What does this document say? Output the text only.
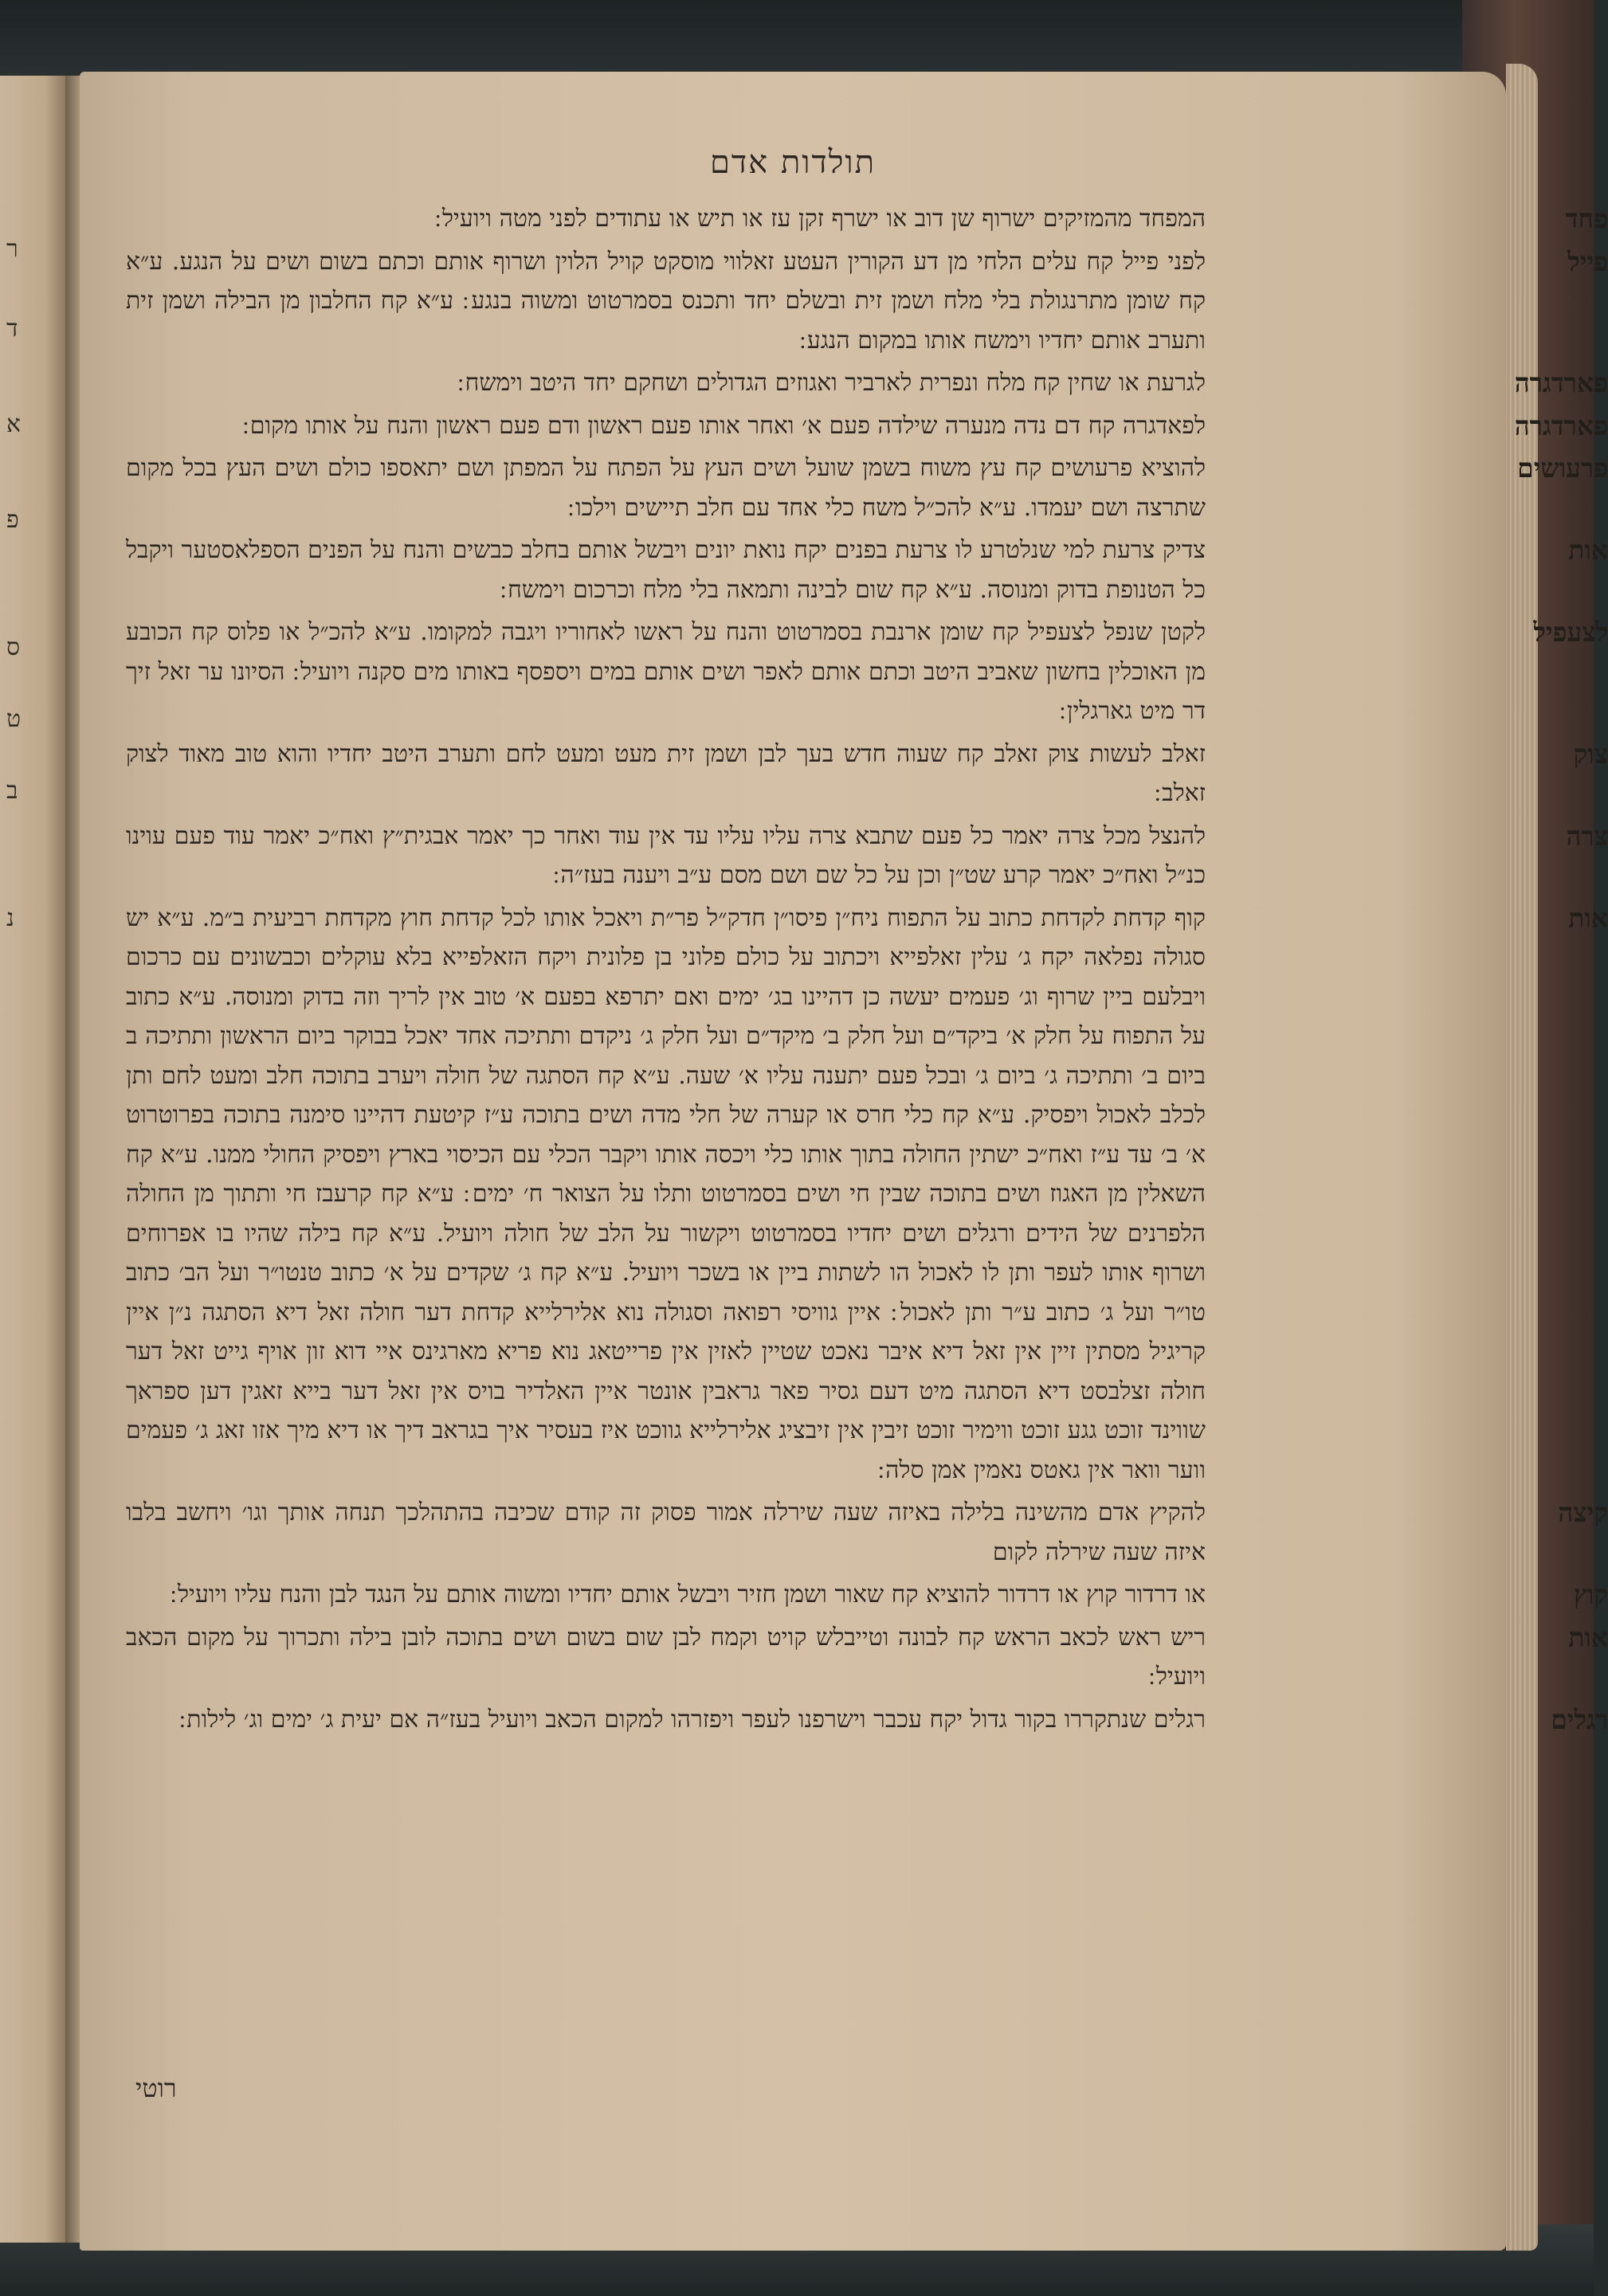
ר
ד
א
פ
ס
ט
ב
נ
תולדות אדם
פחד
המפחד מהמזיקים ישרוף שן דוב או ישרף זקן עז או תיש או עתודים לפני מטה ויועיל ׃
פייל
לפני פייל קח עלים הלחי מן דע הקורין העטע זאלווי מוסקט קויל הלוין ושרוף אותם וכתם בשום ושים על הנגע. ע״א קח שומן מתרנגולת בלי מלח ושמן זית ובשלם יחד ותכנס בסמרטוט ומשוה בנגע ׃ ע״א קח החלבון מן הבילה ושמן זית ותערב אותם יחדיו וימשח אותו במקום הנגע ׃
פארדגרה
לגרעת או שחין קח מלח ונפרית לארביר ואגוזים הגדולים ושחקם יחד היטב וימשח ׃
פארדגרה
לפאדגרה קח דם נדה מנערה שילדה פעם א׳ ואחר אותו פעם ראשון ודם פעם ראשון והנח על אותו מקום ׃
פרעושים
להוציא פרעושים קח עץ משוח בשמן שועל ושים העץ על הפתח על המפתן ושם יתאספו כולם ושים העץ בכל מקום שתרצה ושם יעמדו. ע״א להכ״ל משח כלי אחד עם חלב תיישים וילכו ׃
אות
צדיק צרעת למי שנלטרע לו צרעת בפנים יקח נואת יונים ויבשל אותם בחלב כבשים והנח על הפנים הספלאסטער ויקבל כל הטנופת בדוק ומנוסה. ע״א קח שום לבינה ותמאה בלי מלח וכרכום וימשח ׃
לצעפיל
לקטן שנפל לצעפיל קח שומן ארנבת בסמרטוט והנח על ראשו לאחוריו ויגבה למקומו. ע״א להכ״ל או פלוס קח הכובע מן האוכלין בחשון שאביב היטב וכתם אותם לאפר ושים אותם במים ויספסף באותו מים סקנה ויועיל ׃ הסיונו ער זאל זיך דר מיט גארגלין ׃
צוק
זאלב לעשות צוק זאלב קח שעוה חדש בעך לבן ושמן זית מעט ומעט לחם ותערב היטב יחדיו והוא טוב מאוד לצוק זאלב ׃
צרה
להנצל מכל צרה יאמר כל פעם שתבא צרה עליו עליו עד אין עוד ואחר כך יאמר אבגית״ץ ואח״כ יאמר עוד פעם עוינו כנ״ל ואח״כ יאמר קרע שט״ן וכן על כל שם ושם מסם ע״ב ויענה בעז״ה ׃
אות
קוף קדחת לקדחת כתוב על התפוח ניח״ן פיסו״ן חדק״ל פר״ת ויאכל אותו לכל קדחת חוץ מקדחת רביעית ב״מ. ע״א יש סגולה נפלאה יקח ג׳ עלין זאלפייא ויכתוב על כולם פלוני בן פלונית ויקח הזאלפייא בלא עוקלים וכבשונים עם כרכום ויבלעם ביין שרוף וג׳ פעמים יעשה כן דהיינו בג׳ ימים ואם יתרפא בפעם א׳ טוב אין לריך וזה בדוק ומנוסה. ע״א כתוב על התפוח על חלק א׳ ביקד״ם ועל חלק ב׳ מיקד״ם ועל חלק ג׳ ניקדם ותתיכה אחד יאכל בבוקר ביום הראשון ותתיכה ב ביום ב׳ ותתיכה ג׳ ביום ג׳ ובכל פעם יתענה עליו א׳ שעה. ע״א קח הסתגה של חולה ויערב בתוכה חלב ומעט לחם ותן לכלב לאכול ויפסיק. ע״א קח כלי חרס או קערה של חלי מדה ושים בתוכה ע״ז קיטעת דהיינו סימנה בתוכה בפרוטרוט א׳ ב׳ עד ע״ז ואח״כ ישתין החולה בתוך אותו כלי ויכסה אותו ויקבר הכלי עם הכיסוי בארץ ויפסיק החולי ממנו. ע״א קח השאלין מן האגוז ושים בתוכה שבין חי ושים בסמרטוט ותלו על הצואר ח׳ ימים ׃ ע״א קח קרעבז חי ותתוך מן החולה הלפרנים של הידים ורגלים ושים יחדיו בסמרטוט ויקשור על הלב של חולה ויועיל. ע״א קח בילה שהיו בו אפרוחים ושרוף אותו לעפר ותן לו לאכול הו לשתות ביין או בשכר ויועיל. ע״א קח ג׳ שקדים על א׳ כתוב טנטו״ר ועל הב׳ כתוב טו״ר ועל ג׳ כתוב ע״ר ותן לאכול ׃ איין גוויסי רפואה וסגולה נוא אלירלייא קדחת דער חולה זאל דיא הסתגה נ״ן איין קריגיל מסתין זיין אין זאל דיא איבר נאכט שטיין לאזין אין פרייטאג נוא פריא מארגינס איי דוא זון אויף גייט זאל דער חולה זצלבסט דיא הסתגה מיט דעם גסיר פאר גראבין אונטר איין האלדיר בויס אין זאל דער בייא זאגין דען ספראך שווינד זוכט גגע זוכט ווימיר זוכט זיבין אין זיבציג אלירלייא גווכט איז בעסיר איך בגראב דיך או דיא מיך אזו זאג ג׳ פעמים ווער וואר אין גאטס נאמין אמן סלה ׃
קיצה
להקיץ אדם מהשינה בלילה באיזה שעה שירלה אמור פסוק זה קודם שכיבה בהתהלכך תנחה אותך וגו׳ ויחשב בלבו איזה שעה שירלה לקום
קוץ
או דרדור קוץ או דרדור להוציא קח שאור ושמן חזיר ויבשל אותם יחדיו ומשוה אותם על הנגד לבן והנח עליו ויועיל ׃
אות
ריש ראש לכאב הראש קח לבונה וטייבלש קויט וקמח לבן שום בשום ושים בתוכה לובן בילה ותכרוך על מקום הכאב ויועיל ׃
רגלים
רגלים שנתקררו בקור גדול יקח עכבר וישרפנו לעפר ויפזרהו למקום הכאב ויועיל בעז״ה אם יעית ג׳ ימים וג׳ לילות ׃
רוטי
